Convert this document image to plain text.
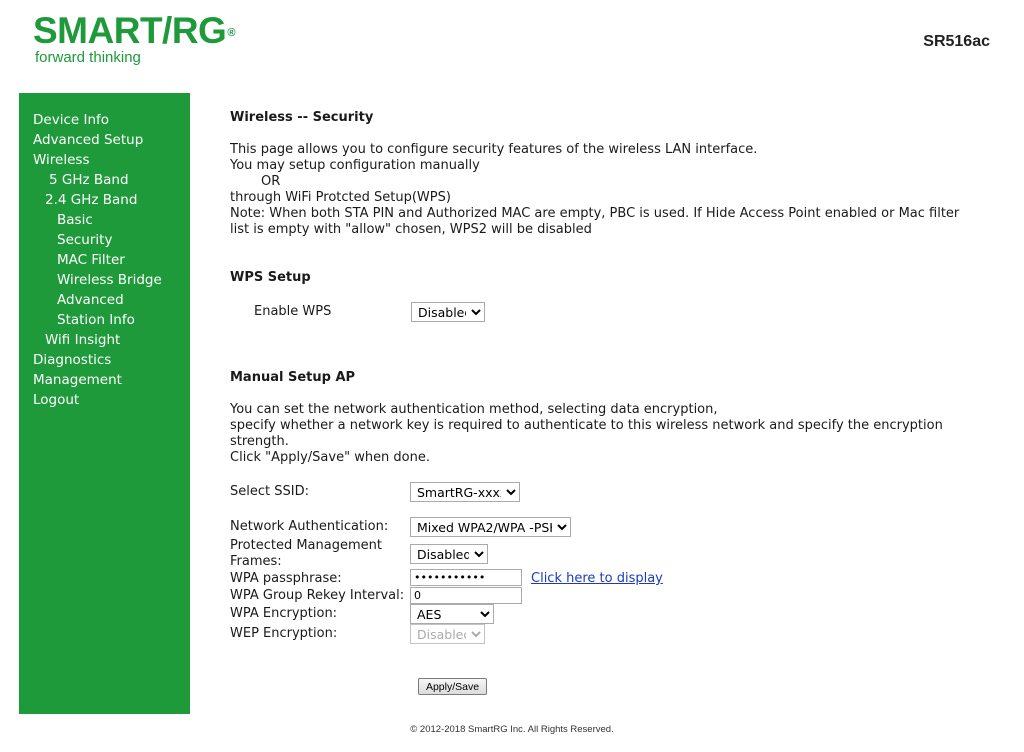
SMART/RG®
forward thinking
SR516ac
Device Info
Advanced Setup
Wireless
5 GHz Band
2.4 GHz Band
Basic
Security
MAC Filter
Wireless Bridge
Advanced
Station Info
Wifi Insight
Diagnostics
Management
Logout
Wireless -- Security
This page allows you to configure security features of the wireless LAN interface.
You may setup configuration manually
OR
through WiFi Protcted Setup(WPS)
Note: When both STA PIN and Authorized MAC are empty, PBC is used. If Hide Access Point enabled or Mac filter
list is empty with "allow" chosen, WPS2 will be disabled
WPS Setup
Enable WPS
Disabled
Manual Setup AP
You can set the network authentication method, selecting data encryption,
specify whether a network key is required to authenticate to this wireless network and specify the encryption
strength.
Click "Apply/Save" when done.
Select SSID:
SmartRG-xxxx
Network Authentication:
Mixed WPA2/WPA -PSK
Protected Management
Frames:
Disabled
WPA passphrase:
•••••••••••	Click here to display
WPA Group Rekey Interval:
0
WPA Encryption:
AES
WEP Encryption:
Disabled
Apply/Save
© 2012-2018 SmartRG Inc. All Rights Reserved.
